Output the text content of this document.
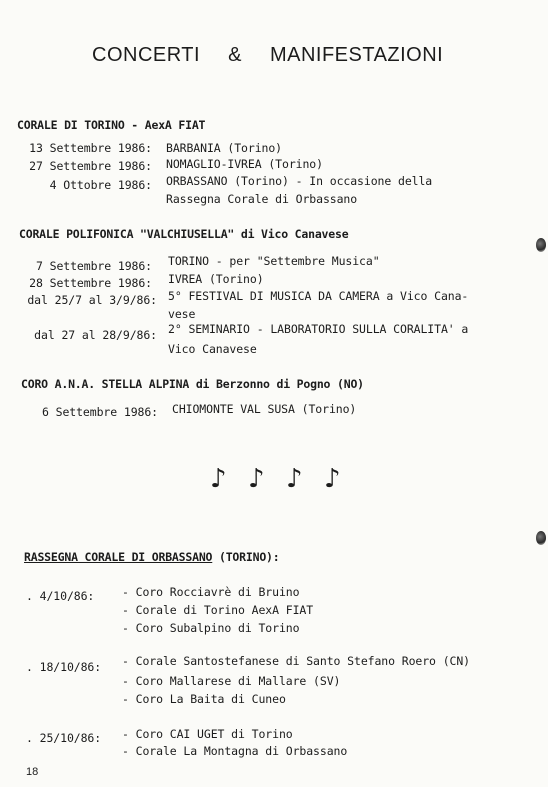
CONCERTI & MANIFESTAZIONI
CORALE DI TORINO - AexA FIAT
13 Settembre 1986: BARBANIA (Torino)
27 Settembre 1986: NOMAGLIO-IVREA (Torino)
4 Ottobre 1986: ORBASSANO (Torino) - In occasione della
Rassegna Corale di Orbassano
CORALE POLIFONICA "VALCHIUSELLA" di Vico Canavese
7 Settembre 1986: TORINO - per "Settembre Musica"
28 Settembre 1986: IVREA (Torino)
dal 25/7 al 3/9/86: 5° FESTIVAL DI MUSICA DA CAMERA a Vico Cana-
vese
dal 27 al 28/9/86: 2° SEMINARIO - LABORATORIO SULLA CORALITA' a
Vico Canavese
CORO A.N.A. STELLA ALPINA di Berzonno di Pogno (NO)
6 Settembre 1986: CHIOMONTE VAL SUSA (Torino)
♪ ♪ ♪ ♪
RASSEGNA CORALE DI ORBASSANO (TORINO):
. 4/10/86: - Coro Rocciavrè di Bruino
- Corale di Torino AexA FIAT
- Coro Subalpino di Torino
. 18/10/86: - Corale Santostefanese di Santo Stefano Roero (CN)
- Coro Mallarese di Mallare (SV)
- Coro La Baita di Cuneo
. 25/10/86: - Coro CAI UGET di Torino
- Corale La Montagna di Orbassano
18
